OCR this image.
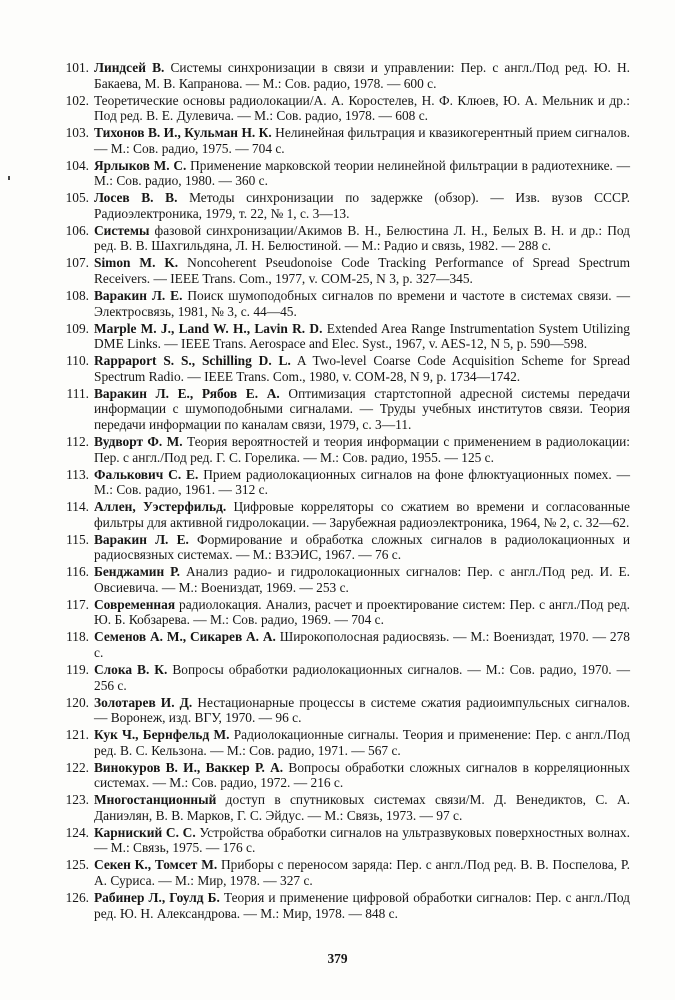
101. Линдсей В. Системы синхронизации в связи и управлении: Пер. с англ./Под ред. Ю. Н. Бакаева, М. В. Капранова. — М.: Сов. радио, 1978. — 600 с.
102. Теоретические основы радиолокации/А. А. Коростелев, Н. Ф. Клюев, Ю. А. Мельник и др.: Под ред. В. Е. Дулевича. — М.: Сов. радио, 1978. — 608 с.
103. Тихонов В. И., Кульман Н. К. Нелинейная фильтрация и квазикогерентный прием сигналов. — М.: Сов. радио, 1975. — 704 с.
104. Ярлыков М. С. Применение марковской теории нелинейной фильтрации в радиотехнике. — М.: Сов. радио, 1980. — 360 с.
105. Лосев В. В. Методы синхронизации по задержке (обзор). — Изв. вузов СССР. Радиоэлектроника, 1979, т. 22, № 1, с. 3—13.
106. Системы фазовой синхронизации/Акимов В. Н., Белюстина Л. Н., Белых В. Н. и др.: Под ред. В. В. Шахгильдяна, Л. Н. Белюстиной. — М.: Радио и связь, 1982. — 288 с.
107. Simon M. K. Noncoherent Pseudonoise Code Tracking Performance of Spread Spectrum Receivers. — IEEE Trans. Com., 1977, v. COM-25, N 3, p. 327—345.
108. Варакин Л. Е. Поиск шумоподобных сигналов по времени и частоте в системах связи. — Электросвязь, 1981, № 3, с. 44—45.
109. Marple M. J., Land W. H., Lavin R. D. Extended Area Range Instrumentation System Utilizing DME Links. — IEEE Trans. Aerospace and Elec. Syst., 1967, v. AES-12, N 5, p. 590—598.
110. Rappaport S. S., Schilling D. L. A Two-level Coarse Code Acquisition Scheme for Spread Spectrum Radio. — IEEE Trans. Com., 1980, v. COM-28, N 9, p. 1734—1742.
111. Варакин Л. Е., Рябов Е. А. Оптимизация стартстопной адресной системы передачи информации с шумоподобными сигналами. — Труды учебных институтов связи. Теория передачи информации по каналам связи, 1979, с. 3—11.
112. Вудворт Ф. М. Теория вероятностей и теория информации с применением в радиолокации: Пер. с англ./Под ред. Г. С. Горелика. — М.: Сов. радио, 1955. — 125 с.
113. Фалькович С. Е. Прием радиолокационных сигналов на фоне флюктуационных помех. — М.: Сов. радио, 1961. — 312 с.
114. Аллен, Уэстерфильд. Цифровые корреляторы со сжатием во времени и согласованные фильтры для активной гидролокации. — Зарубежная радиоэлектроника, 1964, № 2, с. 32—62.
115. Варакин Л. Е. Формирование и обработка сложных сигналов в радиолокационных и радиосвязных системах. — М.: ВЗЭИС, 1967. — 76 с.
116. Бенджамин Р. Анализ радио- и гидролокационных сигналов: Пер. с англ./Под ред. И. Е. Овсиевича. — М.: Воениздат, 1969. — 253 с.
117. Современная радиолокация. Анализ, расчет и проектирование систем: Пер. с англ./Под ред. Ю. Б. Кобзарева. — М.: Сов. радио, 1969. — 704 с.
118. Семенов А. М., Сикарев А. А. Широкополосная радиосвязь. — М.: Воениздат, 1970. — 278 с.
119. Слока В. К. Вопросы обработки радиолокационных сигналов. — М.: Сов. радио, 1970. — 256 с.
120. Золотарев И. Д. Нестационарные процессы в системе сжатия радиоимпульсных сигналов. — Воронеж, изд. ВГУ, 1970. — 96 с.
121. Кук Ч., Бернфельд М. Радиолокационные сигналы. Теория и применение: Пер. с англ./Под ред. В. С. Кельзона. — М.: Сов. радио, 1971. — 567 с.
122. Винокуров В. И., Ваккер Р. А. Вопросы обработки сложных сигналов в корреляционных системах. — М.: Сов. радио, 1972. — 216 с.
123. Многостанционный доступ в спутниковых системах связи/М. Д. Венедиктов, С. А. Даниэлян, В. В. Марков, Г. С. Эйдус. — М.: Связь, 1973. — 97 с.
124. Карниский С. С. Устройства обработки сигналов на ультразвуковых поверхностных волнах. — М.: Связь, 1975. — 176 с.
125. Секен К., Томсет М. Приборы с переносом заряда: Пер. с англ./Под ред. В. В. Поспелова, Р. А. Суриса. — М.: Мир, 1978. — 327 с.
126. Рабинер Л., Гоулд Б. Теория и применение цифровой обработки сигналов: Пер. с англ./Под ред. Ю. Н. Александрова. — М.: Мир, 1978. — 848 с.
379
